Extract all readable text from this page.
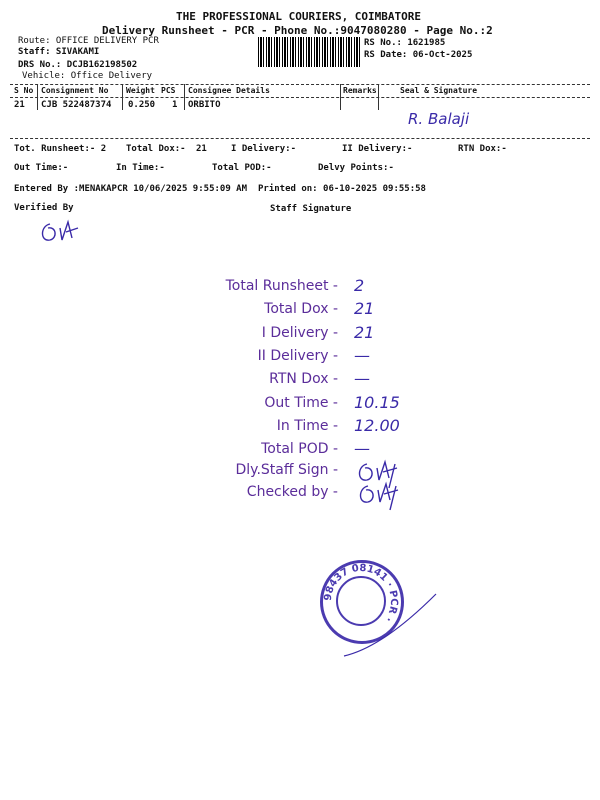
THE PROFESSIONAL COURIERS, COIMBATORE
Delivery Runsheet - PCR - Phone No.:9047080280 - Page No.:2
Route: OFFICE DELIVERY PCR
Staff: SIVAKAMI
DRS No.: DCJB162198502
Vehicle: Office Delivery
RS No.: 1621985
RS Date: 06-Oct-2025
S No Consignment No Weight PCS Consignee Details	Remarks	Seal & Signature
21 CJB 522487374 0.250 1 ORBITO
R. Balaji
Tot. Runsheet:- 2 Total Dox:- 21	I Delivery:-	II Delivery:-	RTN Dox:-
Out Time:-	In Time:-	Total POD:-	Delvy Points:-
Entered By :MENAKAPCR 10/06/2025 9:55:09 AM Printed on: 06-10-2025 09:55:58
Verified By	Staff Signature
Total Runsheet - 2
Total Dox - 21
I Delivery - 21
II Delivery - —
RTN Dox - —
Out Time - 10.15
In Time - 12.00
Total POD - —
Dly.Staff Sign -
Checked by -
98437 08141 · PCR ·
